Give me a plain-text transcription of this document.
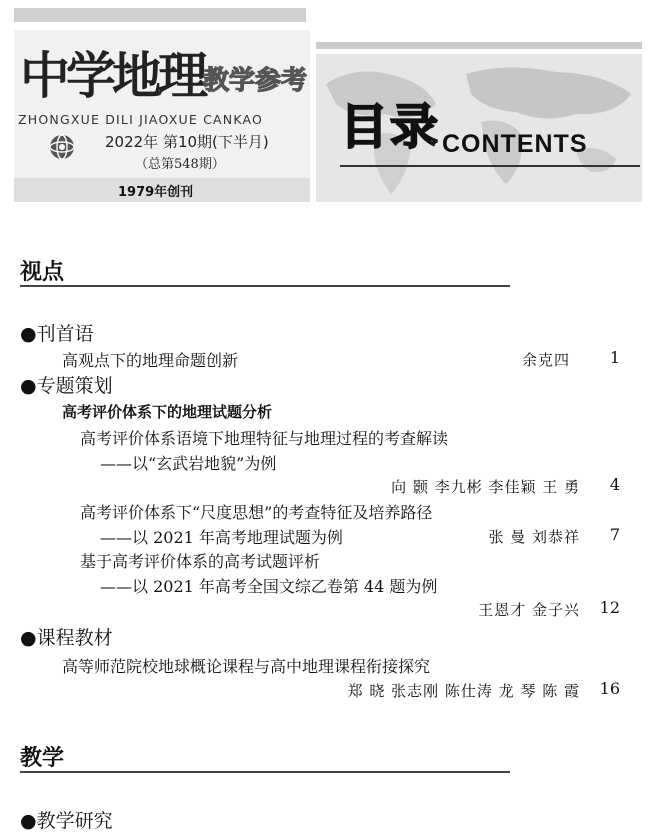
中学地理 教学参考
ZHONGXUE DILI JIAOXUE CANKAO
2022年 第10期(下半月)
（总第548期）
1979年创刊
目录 CONTENTS
视点
●刊首语
高观点下的地理命题创新	余克四	1
●专题策划
高考评价体系下的地理试题分析
高考评价体系语境下地理特征与地理过程的考查解读
——以“玄武岩地貌”为例
向 颢 李九彬 李佳颖 王 勇	4
高考评价体系下“尺度思想”的考查特征及培养路径
——以 2021 年高考地理试题为例	张 曼 刘恭祥	7
基于高考评价体系的高考试题评析
——以 2021 年高考全国文综乙卷第 44 题为例
王恩才 金子兴	12
●课程教材
高等师范院校地球概论课程与高中地理课程衔接探究
郑 晓 张志刚 陈仕涛 龙 琴 陈 霞	16
教学
●教学研究
